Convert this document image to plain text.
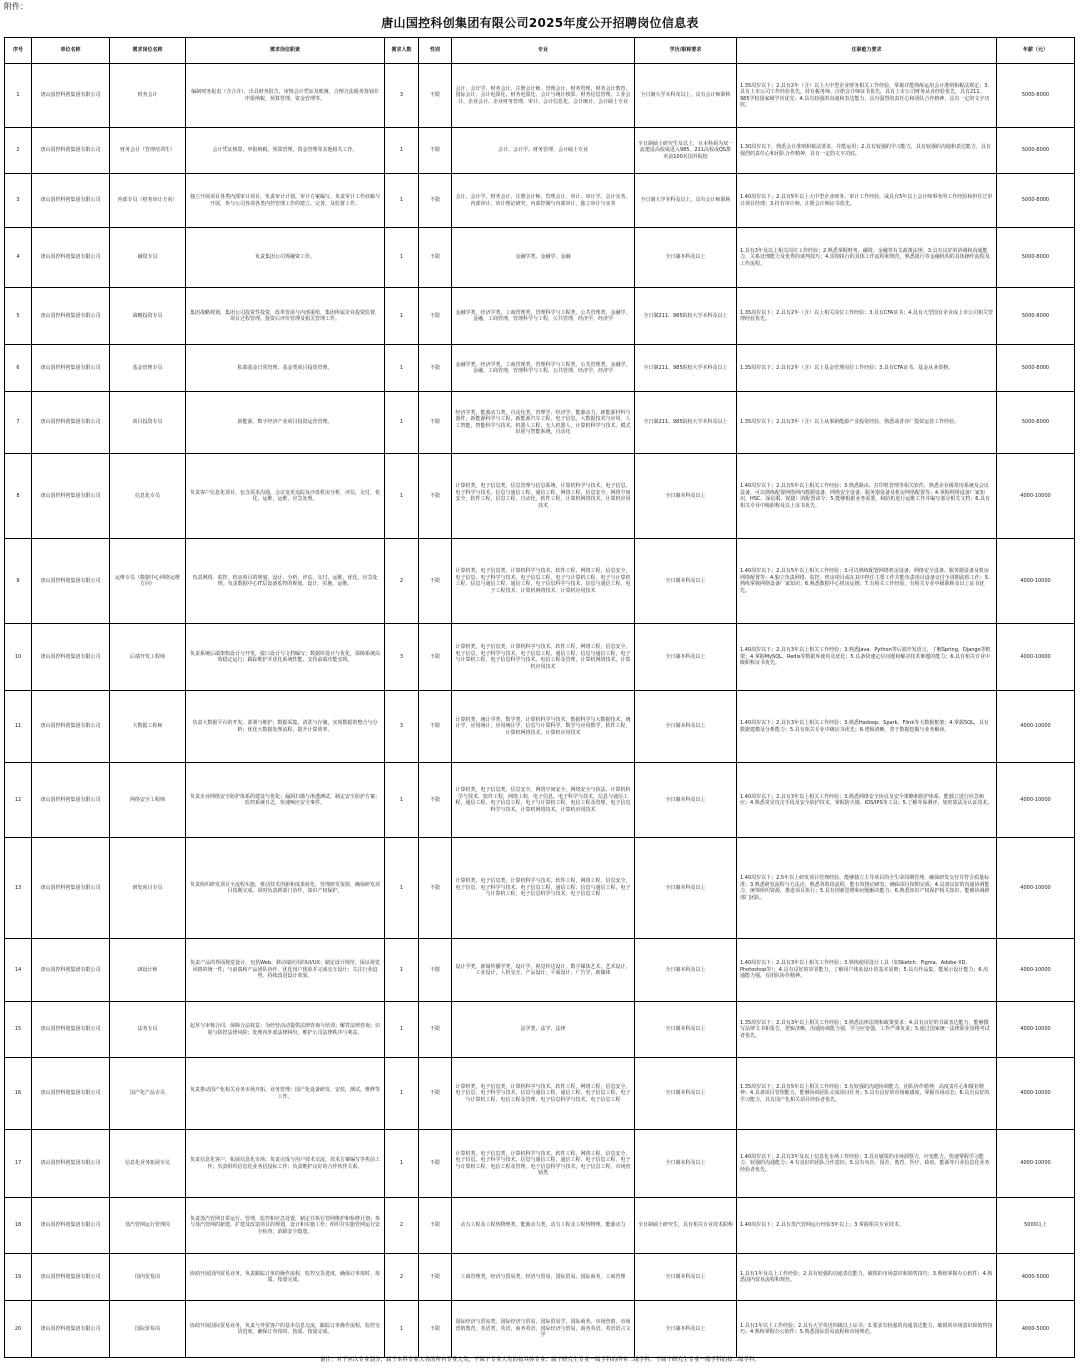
附件：
唐山国控科创集团有限公司2025年度公开招聘岗位信息表
序号	单位名称	需求岗位名称	需求岗位职责	需求人数	性别	专业	学历/职称要求	任职能力要求	年薪（元）
1	唐山国控科创集团有限公司	财务会计	编制财务报表（含合并），出具财务报告，审核会计凭证及账簿，合理合法税务筹划并申报纳税，预算管理，资金管理等。	3	不限	会计、会计学、财务会计、注册会计师、管理会计、财务管理、财务会计教育、国际会计、会计电算化、财务电算化、会计与统计核算、财务信息管理、工业会计、企业会计、企业财务管理、审计、会计信息化、会计统计、会计硕士专业	全日制大学本科及以上，具有会计师职称	1.35周岁以下；2.具有2年（含）以上大中型企业财务相关工作经验，掌握并能熟练运用会计准则和税法规定；3.具有上市公司工作经验优先，持有税务师、注册会计师证书优先，具有上市公司财务从业经验优先，具有211、985学校国家级学历优先；4.具有较强的沟通和表达能力，具有强烈的责任心和团队合作精神，具有一定的文字功底。	5000-8000
2	唐山国控科创集团有限公司	财务会计（管理培训生）	会计凭证核算，申报纳税，预算管理，资金管理等其他相关工作。	1	不限	会计、会计学、财务管理、会计硕士专业	全日制硕士研究生及以上，且本科须为双一流建设高校或进入985、211高校或QS排名前100名国外院校	1.30周岁以下，熟悉会计准则和税法要求，并能运用；2.具有较强的学习能力，具有较强的沟通和表达能力，具有强烈的责任心和团队合作精神，具有一定的文字功底。	5000-8000
3	唐山国控科创集团有限公司	内部专员（财务审计方向）	独立开展项目各类内部审计项目，负责审计计划、审计方案编写，负责审计工作底稿与开展，参与公司各项各类内控管理工作的建立、完善、及监督工作。	1	不限	会计、会计学、财务会计、注册会计师、管理会计、审计、审计学、会计实务、内部审计、审计理论研究、内部控制与内部审计、独立审计与实务	全日制大学本科及以上，具有会计师职称	1.40周岁以下；2.具有5年以上大中型企业财务、审计工作经验，或具有5年以上会计师事务所工作经验和担任过审计项目经理；3.持有审计师、注册会计师证书优先。	5000-8000
4	唐山国控科创集团有限公司	融资专员	负责集团公司筹融资工作。	1	不限	金融学类、金融学、金融	全日制本科及以上	1.具有3年及以上相关岗位工作经验；2.熟悉掌握财务、融资、金融等有关政策法规；3.具有良好的协调和沟通能力，关系处理能力及优秀的谈判技巧；4.贯彻执行的具体工作流程和规范，熟悉银行等金融机构的具体操作流程及工作流程。	5000-8000
5	唐山国控科创集团有限公司	战略投资专员	集团战略规划，集团公司投资性投资，改革发展与内部重组，集团所属企业投资监督，项目过程管理，投资后评价管理及相关管理工作。	1	不限	金融学类，经济学类，工商管理类，管理科学与工程类，公共管理类，金融学，金融，工商管理，管理科学与工程，公共管理，经济学，经济学	全日制211、985院校大学本科及以上	1.35周岁以下；2.具有2年（含）以上相关岗位工作经验；3.具有CFA证书；4.具有大型国有企业或上市公司相关管理经验优先。	5000-8000
6	唐山国控科创集团有限公司	基金管理专员	私募基金日常管理，基金类项目投资管理。	1	不限	金融学类，经济学类，工商管理类，管理科学与工程类，公共管理类，金融学，金融，工商管理，管理科学与工程，公共管理，经济学，经济学	全日制211、985院校大学本科及以上	1.35周岁以下；2.具有2年（含）以上基金管理岗位工作经验；3.具有CFA证书，基金从业资格。	5000-8000
7	唐山国控科创集团有限公司	项目投资专员	新能源、数字经济产业项目投资运营管理。	1	不限	经济学类，能源动力类，自动化类，管理学，经济学，能源动力，新能源材料与器件，新能源科学与工程，新能源汽车工程，电子信息，大数据技术与应用，人工智能，智能科学与技术，机器人工程，无人机器人，计算机科学与技术，模式识别与智能系统，自动化	全日制211、985院校大学本科及以上	1.35周岁以下；2.具有3年（含）以上从事新能源产业投资经验，熟悉或者亦厂投资运营工作经验。	5000-8000
8	唐山国控科创集团有限公司	信息化专员	负责客户信息化项目，包含需求沟通，会议变更追踪及沙盘机房分析，评估，交付，优化，运维，运维，应急处理。	1	不限	计算机类，电子信息类，信息管理与信息系统，计算机科学与技术，电子信息，电子科学与技术，信息与通信工程，通信工程，网络工程，信息安全，网络空间安全，软件工程，信息工程，自动化，软件工程，计算机网络技术，计算机应用技术	全日制本科及以上	1.40周岁以下；2.具有5年以上相关工作经验；3.熟悉路由、打印机管理等相关软件，熟悉企业级常用系统及会议设备，可以熟练配置网络网内数据设备，网络安全设备，服务器设备及机房网络配置等；4.掌握网络设备厂家知识，HSC、深信服、锐捷）的配置命令；5.能够根据业务需要，和防机进行运维工作并编写部分相关文档；6.具有相关专业中级职称及以上证书优先。	4000-10000
9	唐山国控科创集团有限公司	运维专员（数据中心网络运维方向）	负责网络、监控、机房项目的规划、设计、分析、评估、交付、运维、优化，应急处理。负责数据中心IT层设备监控的规划、设计、实施、运维。	2	不限	计算机类，电子信息类，计算机科学与技术，软件工程，网络工程，信息安全，电子信息，电子科学与技术，电子信息工程，电子与计算机工程，电子与计算机工程，信息与通信工程，通信工程，电子信息科学与技术，信息与通信工程，电子工程技术，计算机网络技术，计算机应用技术	全日制本科及以上	1.40周岁以下；2.具有5年以上相关工作经验；3.可以熟练配置网络机房设备、网络安全设备、服务器设备及机房网络配置等；4.独立负责网络、监控、机房项目或在其中担任主要工作并能负责项目设备交付全周期流程工作；5.熟练掌握网络设备厂家知识；6.熟悉数据中心机房运维；7.有相关工作经验，有相关专业中级职称及以上证书优先。	4000-10000
10	唐山国控科创集团有限公司	后端开发工程师	负责系统后端架构设计与开发，接口设计与文档编写；数据库设计与优化，保障系统高效稳定运行；跟踪维护并优化系统性能，支持前端功能实现。	3	不限	计算机类，电子信息类，计算机科学与技术，软件工程，网络工程，信息安全，电子信息，电子科学与技术，电子信息工程，通信工程，信息与通信工程，电子与计算机工程，电子信息科学与技术，电信工程及管理，计算机网络技术，计算机应用技术	全日制本科及以上	1.40周岁以下；2.具有3年以上相关工作经验；3.熟悉Java、Python等后端开发语言，了解Spring、Django等框架；4.掌握MySQL、Redis等数据库使用及优化；5.具备快速定位问题和解决技术难题的能力；6.具有相关专业中级职称证书优先。	4000-10000
11	唐山国控科创集团有限公司	大数据工程师	负责大数据平台的开发、部署与维护；数据采集、清洗与存储，实现数据的整合与分析；优化大数据处理流程，提升计算效率。	3	不限	计算机类，统计学类，数学类，计算机科学与技术，数据科学与大数据技术，统计学，应用统计，应用统计学，信息与计算科学，数学与应用数学，软件工程，计算机网络技术，计算机应用技术	全日制本科及以上	1.40周岁以下；2.具有3年以上相关工作经验；3.熟悉Hadoop、Spark、Flink等大数据框架；4.掌握SQL，具有数据建模及分析能力；5.具有相关专业中级证书优先；6.逻辑清晰，善于数据挖掘与业务解读。	4000-10000
12	唐山国控科创集团有限公司	网络安全工程师	负责企业网络安全防护体系的建设与优化；漏洞扫描与渗透测试，制定安全防护方案；监控系统日志，快速响应安全事件。	1	不限	计算机类，电子信息类，信息安全，网络空间安全，网络安全与执法，计算机科学与技术，软件工程，网络工程，电子信息，电子科学与技术，信息与通信工程，通信工程，电子信息工程，电子与计算机工程，电信工程及管理，电子信息科学与技术，计算机网络技术，计算机应用技术	全日制本科及以上	1.40周岁以下；2.具有3年以上相关工作经验；3.熟悉网络安全协议及安全策略和防护体系，能独立进行应急响应；4.熟悉常见攻击手段及安全防护技术，掌握防火墙、IDS/IPS等工具；5.了解等保测评，加密算法及认证技术。	4000-10000
13	唐山国控科创集团有限公司	研发项目专员	负责组织研发项目全流程实施，推动技术创新和成果转化，管理研发资源，确保研发项目按期完成，同时负责跨部门协作，知识产权保护。	1	不限	计算机类，电子信息类，计算机科学与技术，软件工程，网络工程，信息安全，电子信息，电子科学与技术，电子信息工程，通信工程，信息与通信工程，电子与计算机工程，电子信息科学与技术，电子信息工程	全日制本科及以上	1.40周岁以下；2.5年以上研发项目管理经验，能够独立主导项目的全生命周期管理，确保研发交付并符合质量标准；3.熟悉研发流程与方法论，熟悉各阶段流程，能有效推动研发，确保项目按期完成；4.具备良好的沟通协调能力，统筹组织资源，推进项目执行；5.具有创新思维和问题解决能力；6.熟悉知识产权保护相关知识，能够协调跨部门团队。	4000-10000
14	唐山国控科创集团有限公司	UI设计师	负责产品的界面视觉设计，包括Web、移动端应用的UI/UX；制定设计规范，保证视觉风格的统一性；与前端和产品团队协作，优化用户体验并完成交互设计；关注行业趋势，持续改进设计效果。	1	不限	设计学类，新闻传播学类，设计学，视觉传达设计，数字媒体艺术，艺术设计，工业设计，人机交互，产品设计，平面设计，广告学，新媒体	全日制本科及以上	1.40周岁以下；2.具有3年以上相关工作经验；3.熟练使用设计工具（如Sketch、Figma、Adobe XD、Photoshop等）；4.具有良好的审美能力，了解用户体验设计的基本原则；5.具有作品集，能展示设计能力；6.沟通能力强，有团队协作精神。	4000-10000
15	唐山国控科创集团有限公司	法务专员	起草与审核合同，保障合法权益；为经营活动提供法律咨询与培训；解答法律咨询；识别与防控法律风险；处理内外部法律纠纷，维护公司法律秩序与利益。	1	不限	法学类，法学，法律	全日制本科及以上	1.35周岁以下；2.具有3年以上相关工作经验；3.熟悉法律法规和政策要求；4.具有良好的书面表达能力，能够撰写法律文书和报告，逻辑清晰，沟通协调能力强，学习应变强，工作严谨负责；5.通过国家统一法律职业资格考试者优先。	4000-10000
16	唐山国控科创集团有限公司	国产化产品专员	负责推动国产化相关业务市场开拓，业务管理；国产化设备研发，安装，测试，维修等工作。	1	不限	计算机类，电子信息类，计算机科学与技术，软件工程，网络工程，信息安全，电子信息，电子科学与技术，信息与通信工程，通信工程，电子信息工程，电子与计算机工程，电信工程及管理，电子信息科学与技术，电子信息工程	全日制本科及以上	1.35周岁以下；2.具有5年以上相关工作经验；3.有较强的沟通协调能力，团队协作精神，高度责任心和敬业精神；4.具备项目管理能力，能够协调团队完成项目任务；5.具有良好的市场敏感度，掌握市场动态；6.具有良好的学习能力，具有国产化相关项目经验者优先。	4000-10000
17	唐山国控科创集团有限公司	信息化业务拓展专员	负责信息化客户，拓展信息化市场；负责完成与用户技术交流，技术方案编写等售前工作；负责组织信息化业务招投标工作；负责维护良好的合作伙伴关系。	1	不限	计算机类，电子信息类，计算机科学与技术，软件工程，网络工程，信息安全，电子信息，电子科学与技术，信息与通信工程，通信工程，电子信息工程，电子与计算机工程，电信工程及管理，电子信息科学与技术，电子信息工程，市场营销类	全日制本科及以上	1.40周岁以下；2.具有3年及以上信息化市场工作经验；3.具有敏锐的市场洞察力，应变能力，快速掌握学习能力，较强的沟通能力；4.有良好的团队合作意识；5.具有央企、国企、教育、医疗、政府、能源等行业信息化业务经验者优先。	4000-10000
18	唐山国控科创集团有限公司	蒸汽管网运行管理岗	负责蒸汽管网日常运行、管理，监控和应急处置，制定并执行管网维护和检修计划；参与蒸汽管网的新建、扩建及改造项目的规划，设计和实施工作；组织并实施管网运行安全检查，消除安全隐患。	2	不限	动力工程及工程热物理类，能源动力类，动力工程及工程热物理，能源动力	全日制硕士研究生，具有相关专业技术职称	1.40周岁以下；2.具有蒸汽管网运行经验3年以上；3.掌握相关专业技术。	5000以上
19	唐山国控科创集团有限公司	国内贸易岗	协助开展国内贸易业务，负责跟踪订单的操作流程，监控交货进度，确保订单按时、按质、按量完成。	2	不限	工商管理类，经济与贸易类，经济与贸易，国际贸易，国际商务，工商管理	全日制本科及以上	1.具有1年及以上工作经验；2.具有较强的沟通表达能力，敏锐的市场意识和销售技巧；3.熟练掌握办公软件；4.熟悉国内贸易流程和规范。	4000-5000
20	唐山国控科创集团有限公司	国际贸易岗	协助开展国际贸易业务，负责与外贸客户的基本信息交流，跟踪订单操作流程，监控交货进度，确保订单按时、按质、按量完成。	1	不限	国际经济与贸易类，国际经济与贸易，国际贸易学，国际商务，市场营销，市场营销教育，英语类，英语，商务英语，国际经济与贸易，商务英语，英语语言文学	全日制本科及以上	1.具有1年以上工作经验；2.具有大学英语四级以上证书；3.要求有较强的沟通表达能力，敏锐的市场意识和销售技巧；4.熟练掌握办公软件；5.熟悉国际贸易流程和市场规范。	4000-5000
备注：对于应次专业划分，属于本科专业大类的所有专业大类，不属于专业大类的按具体专业；属于研究生专业一级学科的所有二级学科，不属于研究生专业一级学科的按二级学科。
